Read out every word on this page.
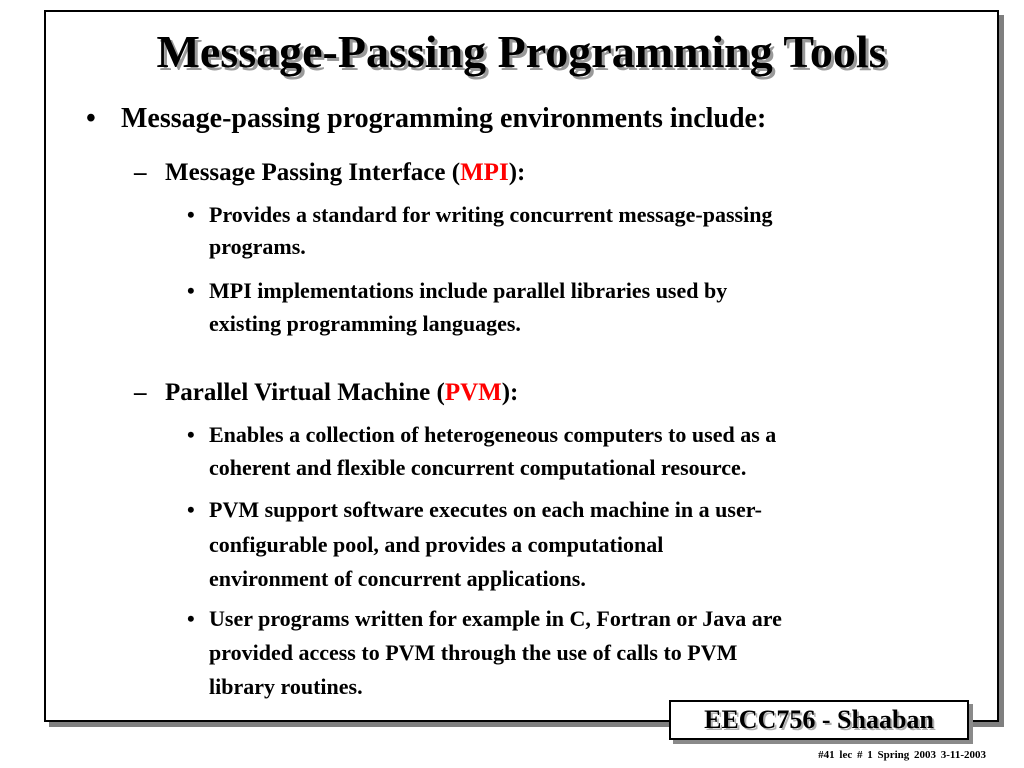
Message-Passing Programming Tools
• Message-passing programming environments include:
– Message Passing Interface (MPI):
• Provides a standard for writing concurrent message-passing
programs.
• MPI implementations include parallel libraries used by
existing programming languages.
– Parallel Virtual Machine (PVM):
• Enables a collection of heterogeneous computers to used as a
coherent and flexible concurrent computational resource.
• PVM support software executes on each machine in a user-
configurable pool, and provides a computational
environment of concurrent applications.
• User programs written for example in C, Fortran or Java are
provided access to PVM through the use of calls to PVM
library routines.
EECC756 - Shaaban
#41 lec # 1 Spring 2003 3-11-2003
